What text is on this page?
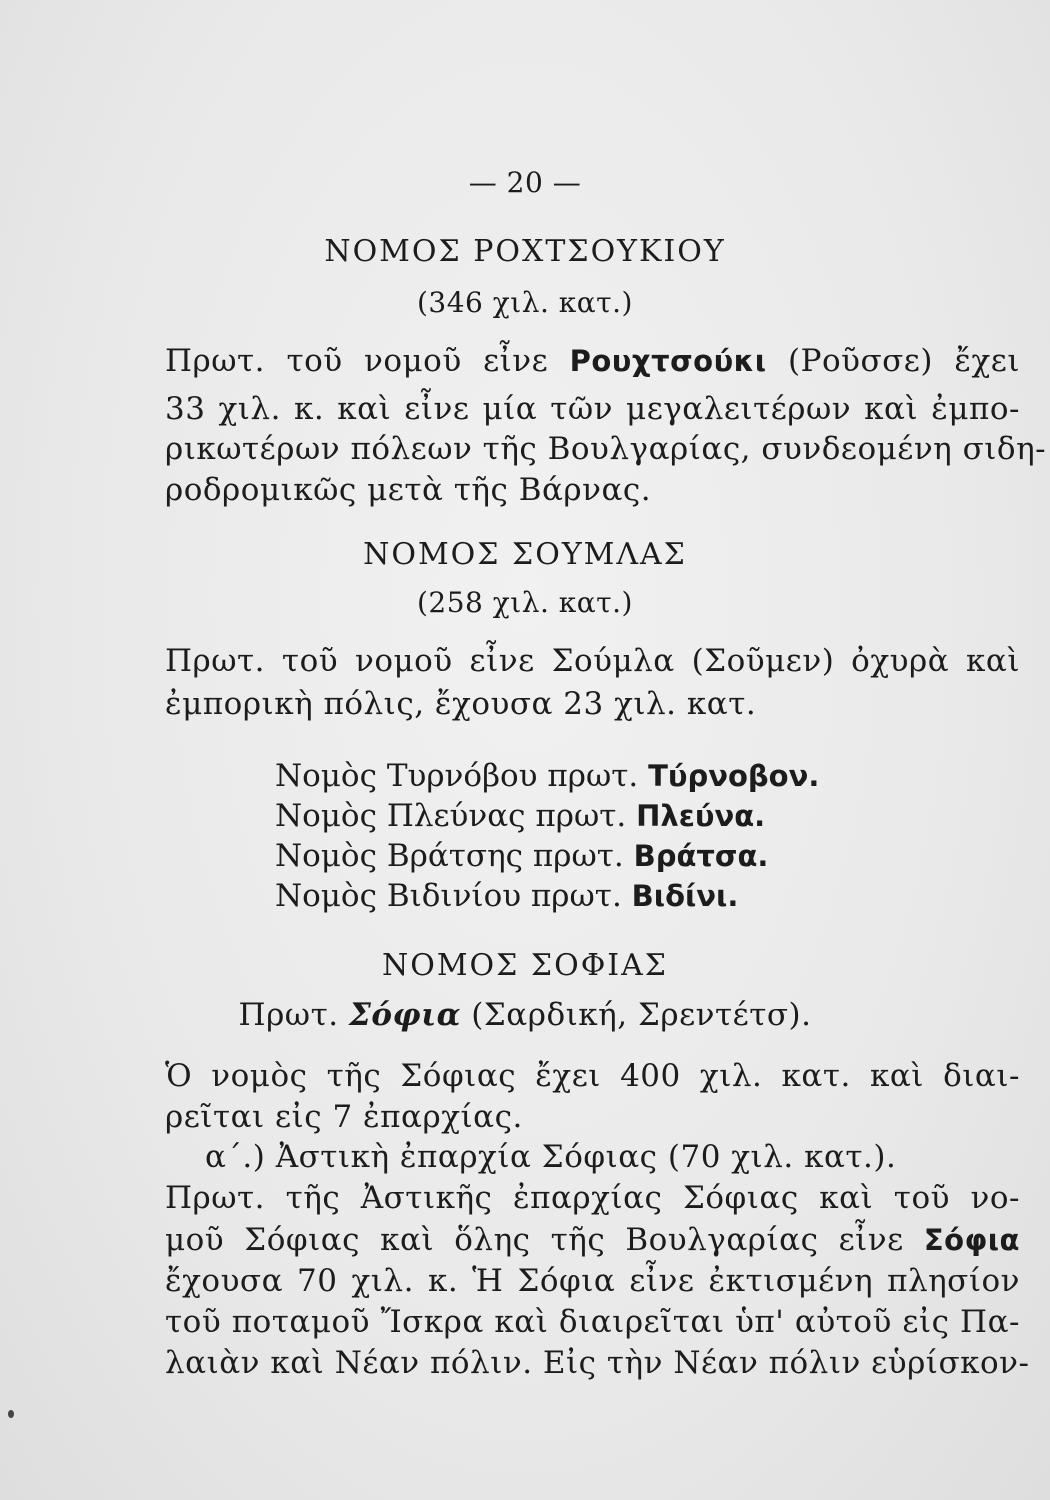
— 20 —
ΝΟΜΟΣ ΡΟΧΤΣΟΥΚΙΟΥ
(346 χιλ. κατ.)
Πρωτ. τοῦ νομοῦ εἶνε Ρουχτσούκι (Ροῦσσε) ἔχει
33 χιλ. κ. καὶ εἶνε μία τῶν μεγαλειτέρων καὶ ἐμπο-
ρικωτέρων πόλεων τῆς Βουλγαρίας, συνδεομένη σιδη-
ροδρομικῶς μετὰ τῆς Βάρνας.
ΝΟΜΟΣ ΣΟΥΜΛΑΣ
(258 χιλ. κατ.)
Πρωτ. τοῦ νομοῦ εἶνε Σούμλα (Σοῦμεν) ὀχυρὰ καὶ
ἐμπορικὴ πόλις, ἔχουσα 23 χιλ. κατ.
Νομὸς Τυρνόβου πρωτ. Τύρνοβον.
Νομὸς Πλεύνας πρωτ. Πλεύνα.
Νομὸς Βράτσης πρωτ. Βράτσα.
Νομὸς Βιδινίου πρωτ. Βιδίνι.
ΝΟΜΟΣ ΣΟΦΙΑΣ
Πρωτ. Σόφια (Σαρδική, Σρεντέτσ).
Ὁ νομὸς τῆς Σόφιας ἔχει 400 χιλ. κατ. καὶ διαι-
ρεῖται εἰς 7 ἐπαρχίας.
α΄.) Ἀστικὴ ἐπαρχία Σόφιας (70 χιλ. κατ.).
Πρωτ. τῆς Ἀστικῆς ἐπαρχίας Σόφιας καὶ τοῦ νο-
μοῦ Σόφιας καὶ ὅλης τῆς Βουλγαρίας εἶνε Σόφια
ἔχουσα 70 χιλ. κ. Ἡ Σόφια εἶνε ἐκτισμένη πλησίον
τοῦ ποταμοῦ Ἴσκρα καὶ διαιρεῖται ὑπ' αὐτοῦ εἰς Πα-
λαιὰν καὶ Νέαν πόλιν. Εἰς τὴν Νέαν πόλιν εὑρίσκον-
